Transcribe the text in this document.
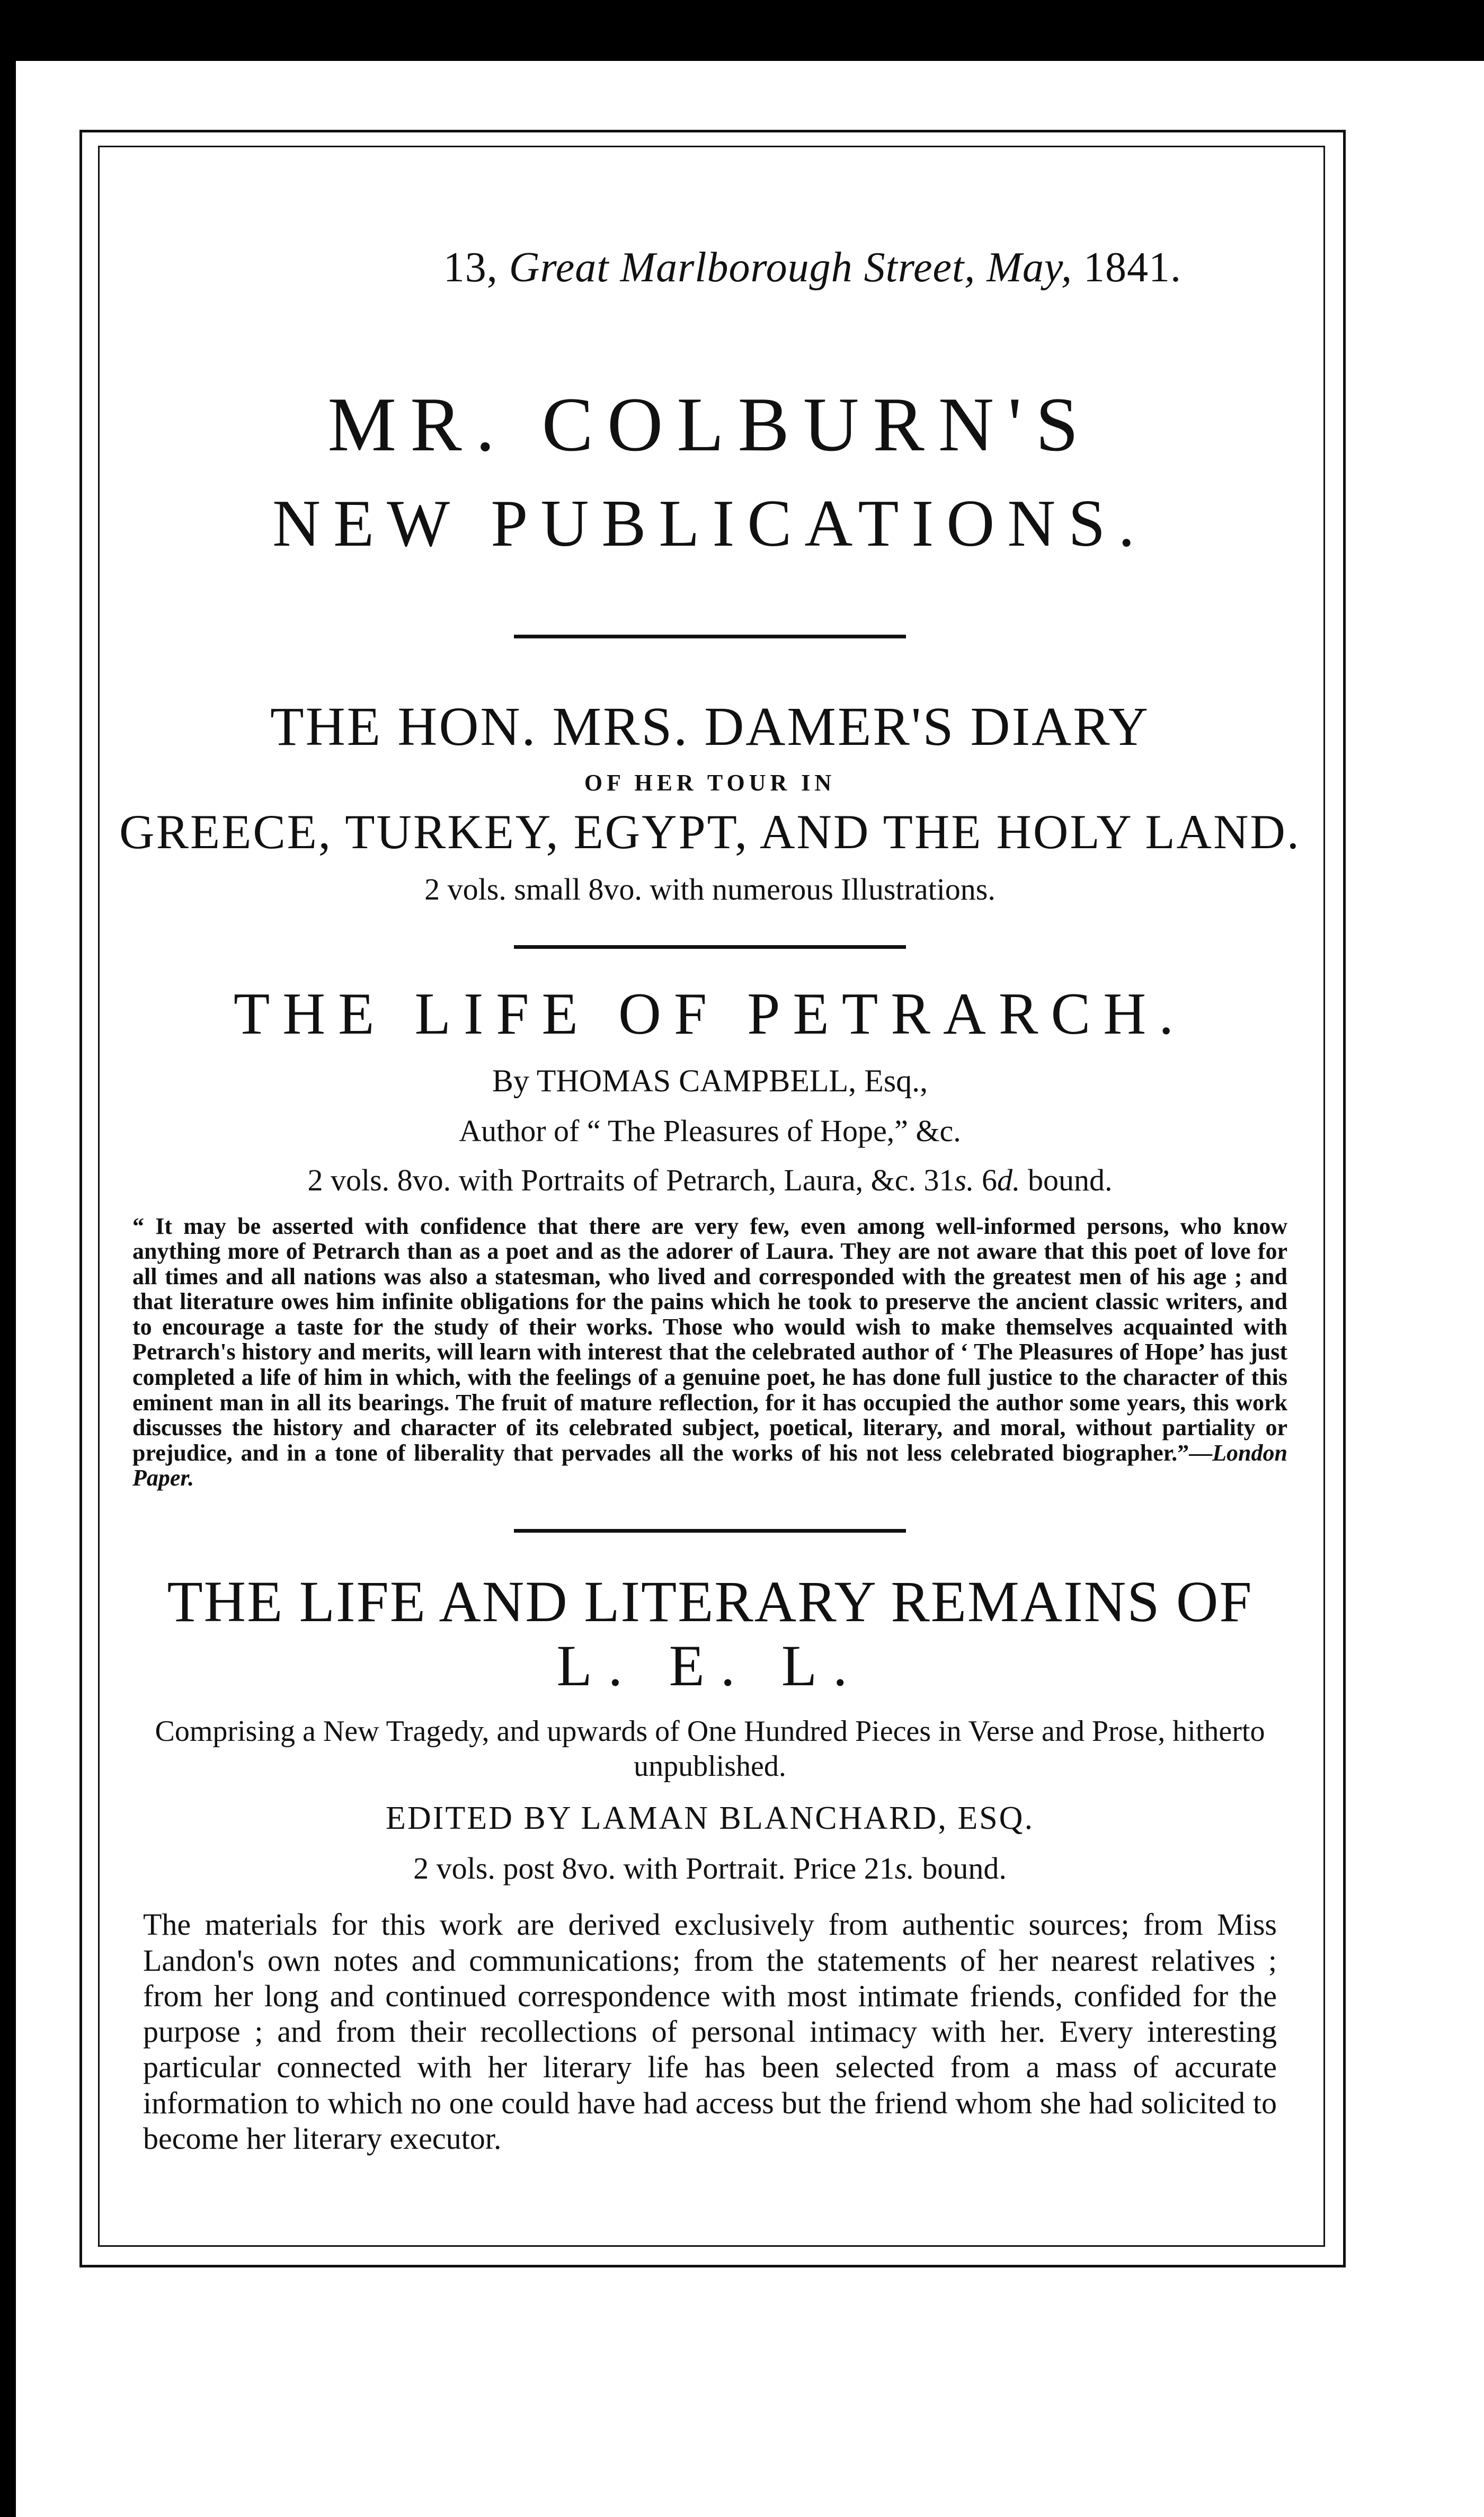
13, Great Marlborough Street, May, 1841.
MR. COLBURN'S
NEW PUBLICATIONS.
THE HON. MRS. DAMER'S DIARY
OF HER TOUR IN
GREECE, TURKEY, EGYPT, AND THE HOLY LAND.
2 vols. small 8vo. with numerous Illustrations.
THE LIFE OF PETRARCH.
By THOMAS CAMPBELL, Esq.,
Author of “ The Pleasures of Hope,” &c.
2 vols. 8vo. with Portraits of Petrarch, Laura, &c. 31s. 6d. bound.
“ It may be asserted with confidence that there are very few, even among well-informed persons, who know anything more of Petrarch than as a poet and as the adorer of Laura. They are not aware that this poet of love for all times and all nations was also a statesman, who lived and corresponded with the greatest men of his age ; and that literature owes him infinite obligations for the pains which he took to preserve the ancient classic writers, and to encourage a taste for the study of their works. Those who would wish to make themselves acquainted with Petrarch's history and merits, will learn with interest that the celebrated author of ‘ The Pleasures of Hope’ has just completed a life of him in which, with the feelings of a genuine poet, he has done full justice to the character of this eminent man in all its bearings. The fruit of mature reflection, for it has occupied the author some years, this work discusses the history and character of its celebrated subject, poetical, literary, and moral, without partiality or prejudice, and in a tone of liberality that pervades all the works of his not less celebrated biographer.”—London Paper.
THE LIFE AND LITERARY REMAINS OF
L. E. L.
Comprising a New Tragedy, and upwards of One Hundred Pieces in Verse and Prose, hitherto unpublished.
EDITED BY LAMAN BLANCHARD, ESQ.
2 vols. post 8vo. with Portrait. Price 21s. bound.
The materials for this work are derived exclusively from authentic sources; from Miss Landon's own notes and communications; from the statements of her nearest relatives ; from her long and continued correspondence with most intimate friends, confided for the purpose ; and from their recollections of personal intimacy with her. Every interesting particular connected with her literary life has been selected from a mass of accurate information to which no one could have had access but the friend whom she had solicited to become her literary executor.
